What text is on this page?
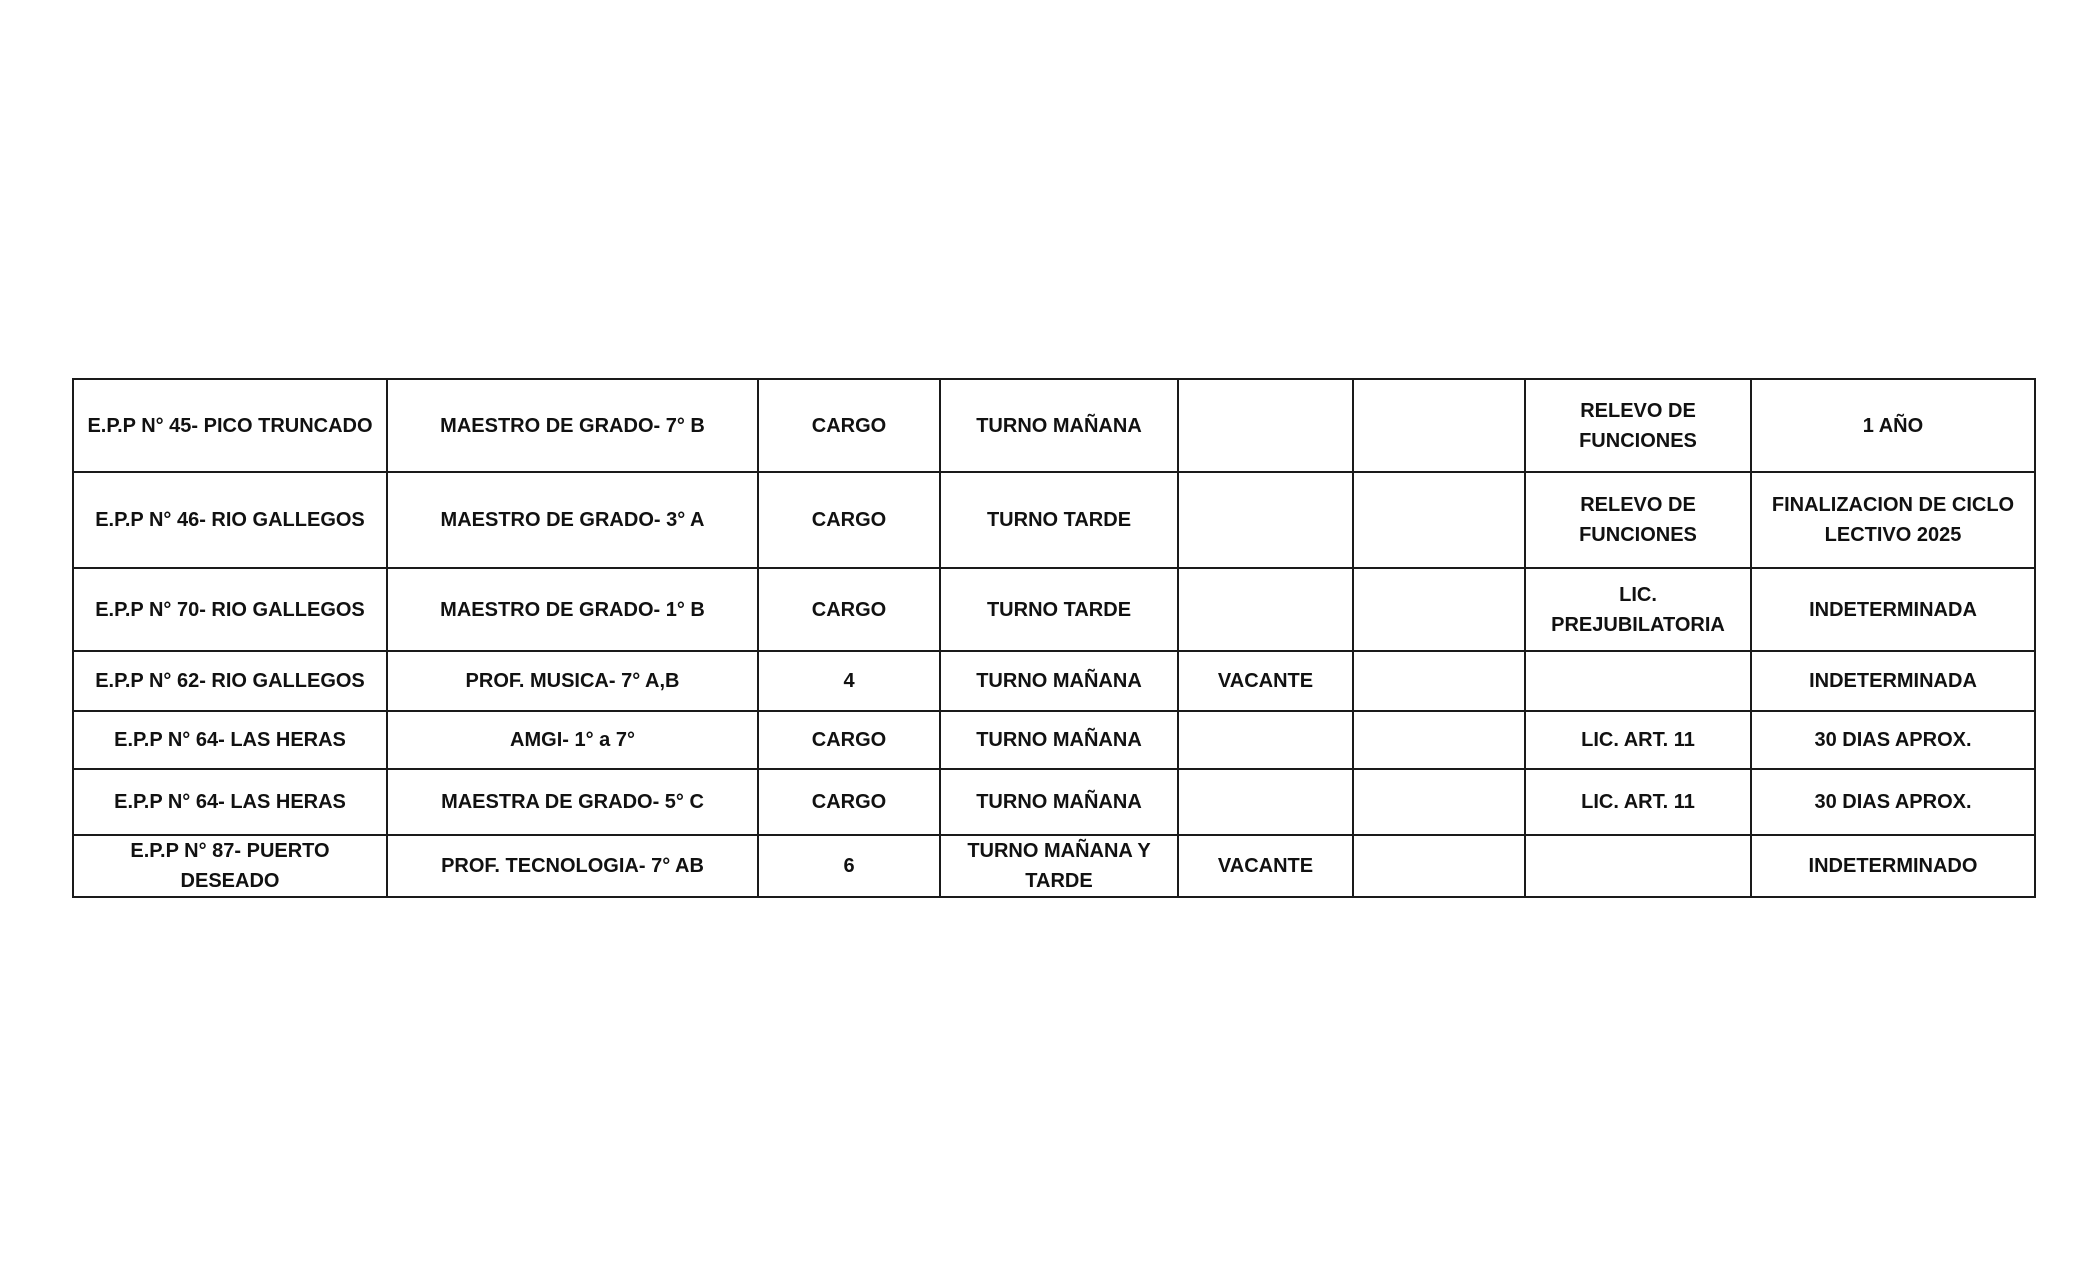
E.P.P N° 45- PICO TRUNCADO	MAESTRO DE GRADO- 7° B	CARGO	TURNO MAÑANA			RELEVO DE FUNCIONES	1 AÑO
E.P.P N° 46- RIO GALLEGOS	MAESTRO DE GRADO- 3° A	CARGO	TURNO TARDE			RELEVO DE FUNCIONES	FINALIZACION DE CICLO LECTIVO 2025
E.P.P N° 70- RIO GALLEGOS	MAESTRO DE GRADO- 1° B	CARGO	TURNO TARDE			LIC. PREJUBILATORIA	INDETERMINADA
E.P.P N° 62- RIO GALLEGOS	PROF. MUSICA- 7° A,B	4	TURNO MAÑANA	VACANTE			INDETERMINADA
E.P.P N° 64- LAS HERAS	AMGI- 1° a 7°	CARGO	TURNO MAÑANA			LIC. ART. 11	30 DIAS APROX.
E.P.P N° 64- LAS HERAS	MAESTRA DE GRADO- 5° C	CARGO	TURNO MAÑANA			LIC. ART. 11	30 DIAS APROX.
E.P.P N° 87- PUERTO DESEADO	PROF. TECNOLOGIA- 7° AB	6	TURNO MAÑANA Y TARDE	VACANTE			INDETERMINADO
